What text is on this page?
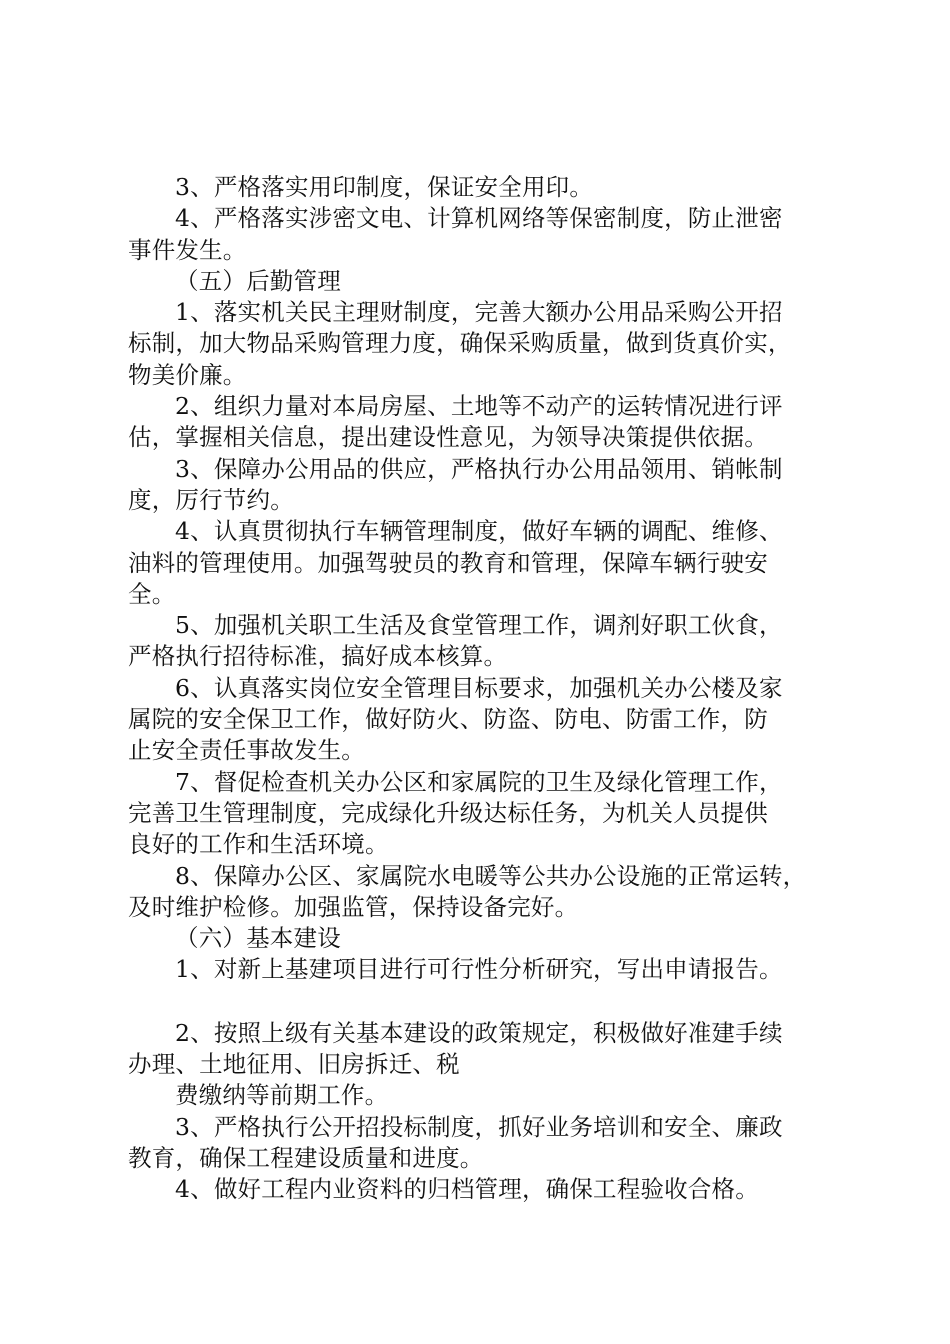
3、严格落实用印制度，保证安全用印。
4、严格落实涉密文电、计算机网络等保密制度，防止泄密
事件发生。
（五）后勤管理
1、落实机关民主理财制度，完善大额办公用品采购公开招
标制，加大物品采购管理力度，确保采购质量，做到货真价实，
物美价廉。
2、组织力量对本局房屋、土地等不动产的运转情况进行评
估，掌握相关信息，提出建设性意见，为领导决策提供依据。
3、保障办公用品的供应，严格执行办公用品领用、销帐制
度，厉行节约。
4、认真贯彻执行车辆管理制度，做好车辆的调配、维修、
油料的管理使用。加强驾驶员的教育和管理，保障车辆行驶安
全。
5、加强机关职工生活及食堂管理工作，调剂好职工伙食，
严格执行招待标准，搞好成本核算。
6、认真落实岗位安全管理目标要求，加强机关办公楼及家
属院的安全保卫工作，做好防火、防盗、防电、防雷工作，防
止安全责任事故发生。
7、督促检查机关办公区和家属院的卫生及绿化管理工作，
完善卫生管理制度，完成绿化升级达标任务，为机关人员提供
良好的工作和生活环境。
8、保障办公区、家属院水电暖等公共办公设施的正常运转，
及时维护检修。加强监管，保持设备完好。
（六）基本建设
1、对新上基建项目进行可行性分析研究，写出申请报告。
2、按照上级有关基本建设的政策规定，积极做好准建手续
办理、土地征用、旧房拆迁、税
费缴纳等前期工作。
3、严格执行公开招投标制度，抓好业务培训和安全、廉政
教育，确保工程建设质量和进度。
4、做好工程内业资料的归档管理，确保工程验收合格。
